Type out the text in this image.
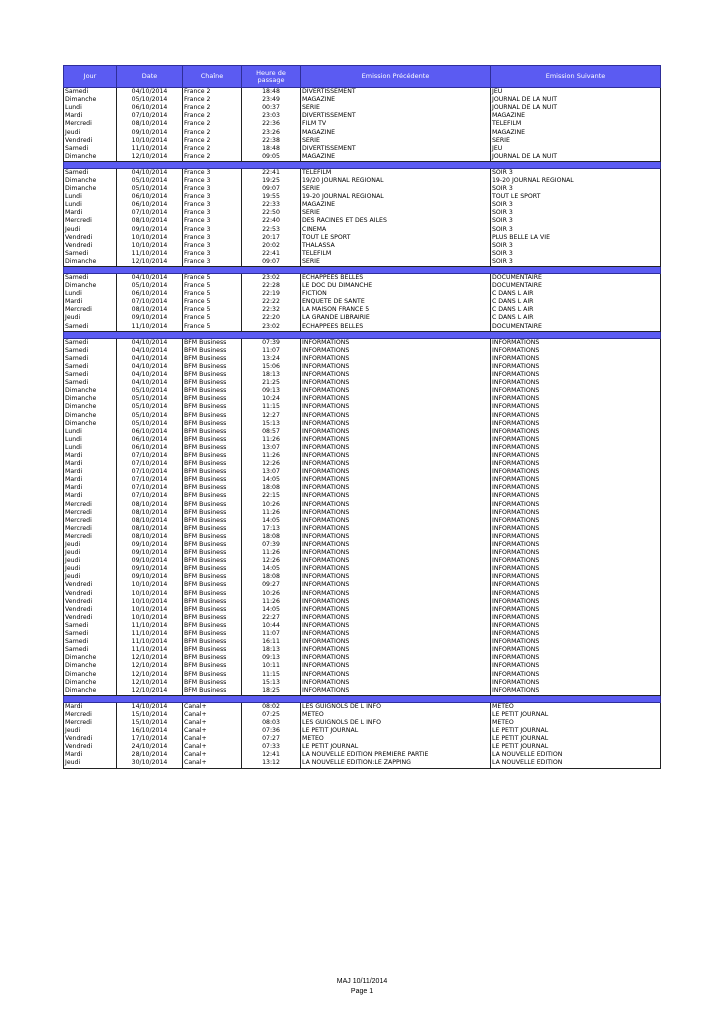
Jour	Date	Chaîne	Heure de passage	Emission Précédente	Emission Suivante
Samedi	04/10/2014	France 2	18:48	DIVERTISSEMENT	JEU
Dimanche	05/10/2014	France 2	23:49	MAGAZINE	JOURNAL DE LA NUIT
Lundi	06/10/2014	France 2	00:37	SERIE	JOURNAL DE LA NUIT
Mardi	07/10/2014	France 2	23:03	DIVERTISSEMENT	MAGAZINE
Mercredi	08/10/2014	France 2	22:36	FILM TV	TELEFILM
Jeudi	09/10/2014	France 2	23:26	MAGAZINE	MAGAZINE
Vendredi	10/10/2014	France 2	22:38	SERIE	SERIE
Samedi	11/10/2014	France 2	18:48	DIVERTISSEMENT	JEU
Dimanche	12/10/2014	France 2	09:05	MAGAZINE	JOURNAL DE LA NUIT

Samedi	04/10/2014	France 3	22:41	TELEFILM	SOIR 3
Dimanche	05/10/2014	France 3	19:25	19/20 JOURNAL REGIONAL	19-20 JOURNAL REGIONAL
Dimanche	05/10/2014	France 3	09:07	SERIE	SOIR 3
Lundi	06/10/2014	France 3	19:55	19-20 JOURNAL REGIONAL	TOUT LE SPORT
Lundi	06/10/2014	France 3	22:33	MAGAZINE	SOIR 3
Mardi	07/10/2014	France 3	22:50	SERIE	SOIR 3
Mercredi	08/10/2014	France 3	22:40	DES RACINES ET DES AILES	SOIR 3
Jeudi	09/10/2014	France 3	22:53	CINEMA	SOIR 3
Vendredi	10/10/2014	France 3	20:17	TOUT LE SPORT	PLUS BELLE LA VIE
Vendredi	10/10/2014	France 3	20:02	THALASSA	SOIR 3
Samedi	11/10/2014	France 3	22:41	TELEFILM	SOIR 3
Dimanche	12/10/2014	France 3	09:07	SERIE	SOIR 3

Samedi	04/10/2014	France 5	23:02	ECHAPPEES BELLES	DOCUMENTAIRE
Dimanche	05/10/2014	France 5	22:28	LE DOC DU DIMANCHE	DOCUMENTAIRE
Lundi	06/10/2014	France 5	22:19	FICTION	C DANS L AIR
Mardi	07/10/2014	France 5	22:22	ENQUETE DE SANTE	C DANS L AIR
Mercredi	08/10/2014	France 5	22:32	LA MAISON FRANCE 5	C DANS L AIR
Jeudi	09/10/2014	France 5	22:20	LA GRANDE LIBRAIRIE	C DANS L AIR
Samedi	11/10/2014	France 5	23:02	ECHAPPEES BELLES	DOCUMENTAIRE

Samedi	04/10/2014	BFM Business	07:39	INFORMATIONS	INFORMATIONS
Samedi	04/10/2014	BFM Business	11:07	INFORMATIONS	INFORMATIONS
Samedi	04/10/2014	BFM Business	13:24	INFORMATIONS	INFORMATIONS
Samedi	04/10/2014	BFM Business	15:06	INFORMATIONS	INFORMATIONS
Samedi	04/10/2014	BFM Business	18:13	INFORMATIONS	INFORMATIONS
Samedi	04/10/2014	BFM Business	21:25	INFORMATIONS	INFORMATIONS
Dimanche	05/10/2014	BFM Business	09:13	INFORMATIONS	INFORMATIONS
Dimanche	05/10/2014	BFM Business	10:24	INFORMATIONS	INFORMATIONS
Dimanche	05/10/2014	BFM Business	11:15	INFORMATIONS	INFORMATIONS
Dimanche	05/10/2014	BFM Business	12:27	INFORMATIONS	INFORMATIONS
Dimanche	05/10/2014	BFM Business	15:13	INFORMATIONS	INFORMATIONS
Lundi	06/10/2014	BFM Business	08:57	INFORMATIONS	INFORMATIONS
Lundi	06/10/2014	BFM Business	11:26	INFORMATIONS	INFORMATIONS
Lundi	06/10/2014	BFM Business	13:07	INFORMATIONS	INFORMATIONS
Mardi	07/10/2014	BFM Business	11:26	INFORMATIONS	INFORMATIONS
Mardi	07/10/2014	BFM Business	12:26	INFORMATIONS	INFORMATIONS
Mardi	07/10/2014	BFM Business	13:07	INFORMATIONS	INFORMATIONS
Mardi	07/10/2014	BFM Business	14:05	INFORMATIONS	INFORMATIONS
Mardi	07/10/2014	BFM Business	18:08	INFORMATIONS	INFORMATIONS
Mardi	07/10/2014	BFM Business	22:15	INFORMATIONS	INFORMATIONS
Mercredi	08/10/2014	BFM Business	10:26	INFORMATIONS	INFORMATIONS
Mercredi	08/10/2014	BFM Business	11:26	INFORMATIONS	INFORMATIONS
Mercredi	08/10/2014	BFM Business	14:05	INFORMATIONS	INFORMATIONS
Mercredi	08/10/2014	BFM Business	17:13	INFORMATIONS	INFORMATIONS
Mercredi	08/10/2014	BFM Business	18:08	INFORMATIONS	INFORMATIONS
Jeudi	09/10/2014	BFM Business	07:39	INFORMATIONS	INFORMATIONS
Jeudi	09/10/2014	BFM Business	11:26	INFORMATIONS	INFORMATIONS
Jeudi	09/10/2014	BFM Business	12:26	INFORMATIONS	INFORMATIONS
Jeudi	09/10/2014	BFM Business	14:05	INFORMATIONS	INFORMATIONS
Jeudi	09/10/2014	BFM Business	18:08	INFORMATIONS	INFORMATIONS
Vendredi	10/10/2014	BFM Business	09:27	INFORMATIONS	INFORMATIONS
Vendredi	10/10/2014	BFM Business	10:26	INFORMATIONS	INFORMATIONS
Vendredi	10/10/2014	BFM Business	11:26	INFORMATIONS	INFORMATIONS
Vendredi	10/10/2014	BFM Business	14:05	INFORMATIONS	INFORMATIONS
Vendredi	10/10/2014	BFM Business	22:27	INFORMATIONS	INFORMATIONS
Samedi	11/10/2014	BFM Business	10:44	INFORMATIONS	INFORMATIONS
Samedi	11/10/2014	BFM Business	11:07	INFORMATIONS	INFORMATIONS
Samedi	11/10/2014	BFM Business	16:11	INFORMATIONS	INFORMATIONS
Samedi	11/10/2014	BFM Business	18:13	INFORMATIONS	INFORMATIONS
Dimanche	12/10/2014	BFM Business	09:13	INFORMATIONS	INFORMATIONS
Dimanche	12/10/2014	BFM Business	10:11	INFORMATIONS	INFORMATIONS
Dimanche	12/10/2014	BFM Business	11:15	INFORMATIONS	INFORMATIONS
Dimanche	12/10/2014	BFM Business	15:13	INFORMATIONS	INFORMATIONS
Dimanche	12/10/2014	BFM Business	18:25	INFORMATIONS	INFORMATIONS

Mardi	14/10/2014	Canal+	08:02	LES GUIGNOLS DE L INFO	METEO
Mercredi	15/10/2014	Canal+	07:25	METEO	LE PETIT JOURNAL
Mercredi	15/10/2014	Canal+	08:03	LES GUIGNOLS DE L INFO	METEO
Jeudi	16/10/2014	Canal+	07:36	LE PETIT JOURNAL	LE PETIT JOURNAL
Vendredi	17/10/2014	Canal+	07:27	METEO	LE PETIT JOURNAL
Vendredi	24/10/2014	Canal+	07:33	LE PETIT JOURNAL	LE PETIT JOURNAL
Mardi	28/10/2014	Canal+	12:41	LA NOUVELLE EDITION PREMIERE PARTIE	LA NOUVELLE EDITION
Jeudi	30/10/2014	Canal+	13:12	LA NOUVELLE EDITION:LE ZAPPING	LA NOUVELLE EDITION
MAJ 10/11/2014
Page 1
